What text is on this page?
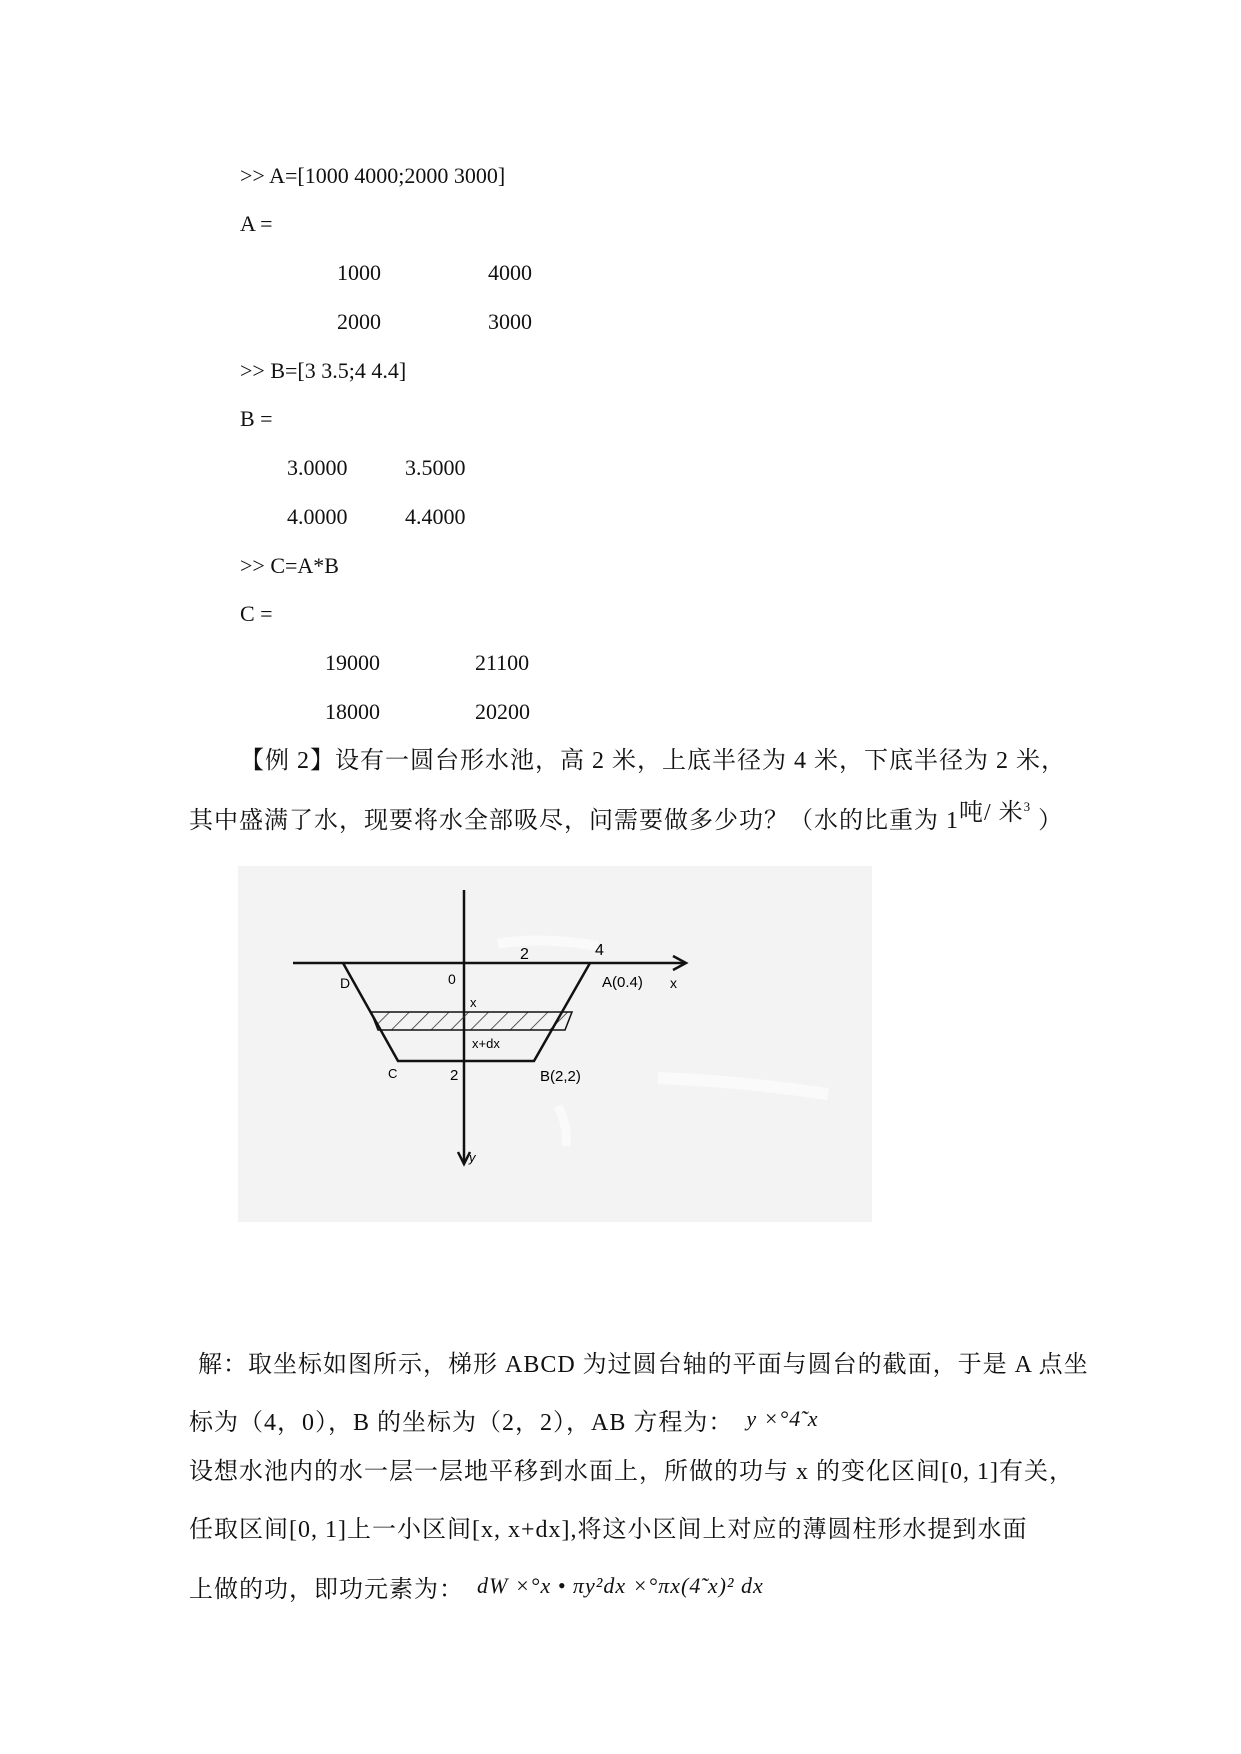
>> A=[1000 4000;2000 3000]
A =
1000	4000
2000	3000
>> B=[3 3.5;4 4.4]
B =
3.0000	3.5000
4.0000	4.4000
>> C=A*B
C =
19000	21100
18000	20200
【例 2】设有一圆台形水池，高 2 米，上底半径为 4 米，下底半径为 2 米，
其中盛满了水，现要将水全部吸尽，问需要做多少功？（水的比重为 1吨/ 米$^3$ ）
D	0
2	4
A(0.4) x
x
x+dx
C	2	B(2,2)
y
解：取坐标如图所示，梯形 ABCD 为过圆台轴的平面与圆台的截面，于是 A 点坐
标为（4，0），B 的坐标为（2，2），AB 方程为： y ×°4̃ x
设想水池内的水一层一层地平移到水面上，所做的功与 x 的变化区间[0, 1]有关，
任取区间[0, 1]上一小区间[x, x+dx],将这小区间上对应的薄圆柱形水提到水面
上做的功，即功元素为： dW ×°x • πy²dx ×°πx(4̃ x)² dx
